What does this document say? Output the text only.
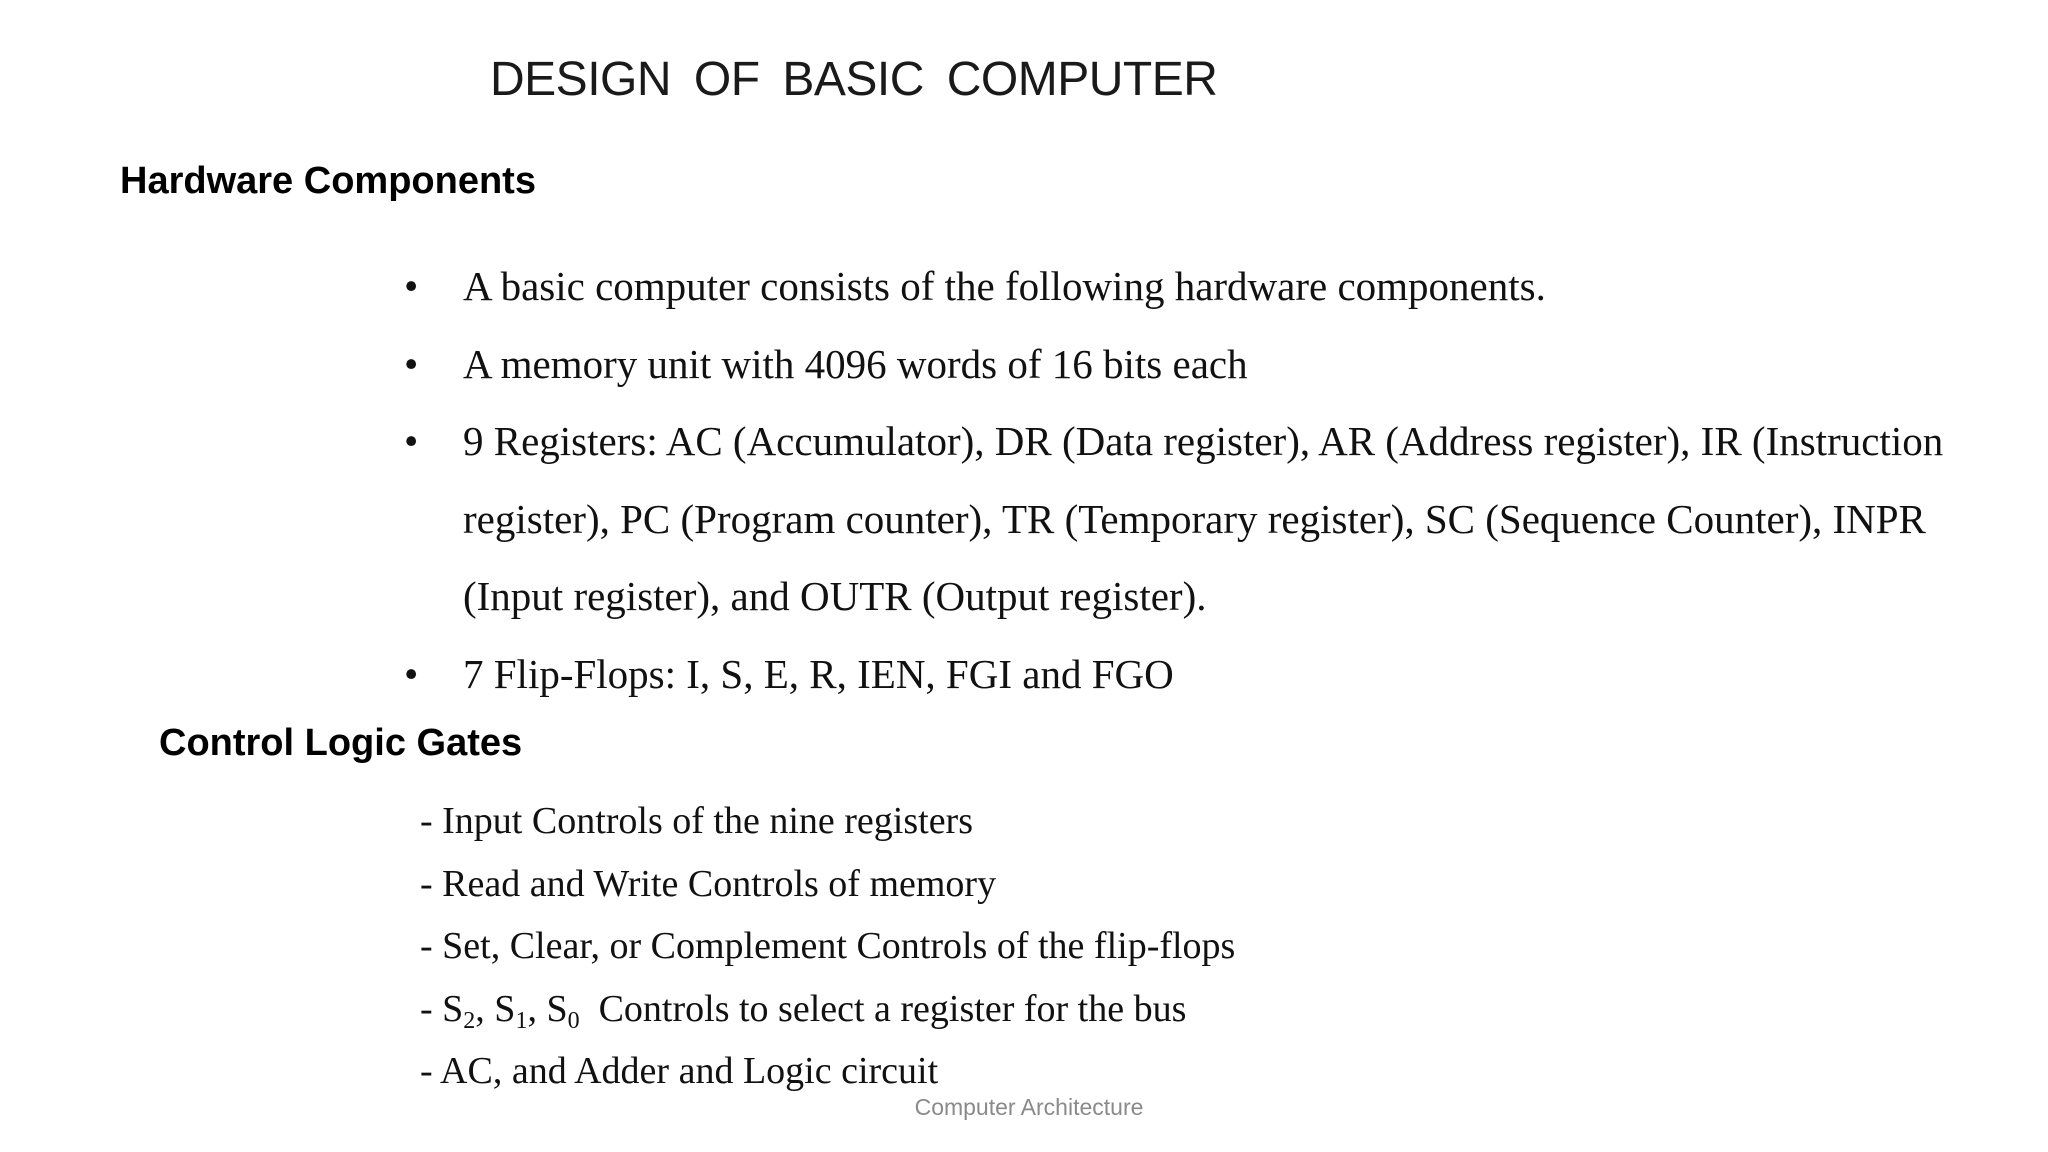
DESIGN OF BASIC COMPUTER
Hardware Components
• A basic computer consists of the following hardware components.
• A memory unit with 4096 words of 16 bits each
• 9 Registers: AC (Accumulator), DR (Data register), AR (Address register), IR (Instruction register), PC (Program counter), TR (Temporary register), SC (Sequence Counter), INPR (Input register), and OUTR (Output register).
• 7 Flip-Flops: I, S, E, R, IEN, FGI and FGO
Control Logic Gates
- Input Controls of the nine registers
- Read and Write Controls of memory
- Set, Clear, or Complement Controls of the flip-flops
- $S_2$, $S_1$, $S_0$  Controls to select a register for the bus
- AC, and Adder and Logic circuit
Computer Architecture
